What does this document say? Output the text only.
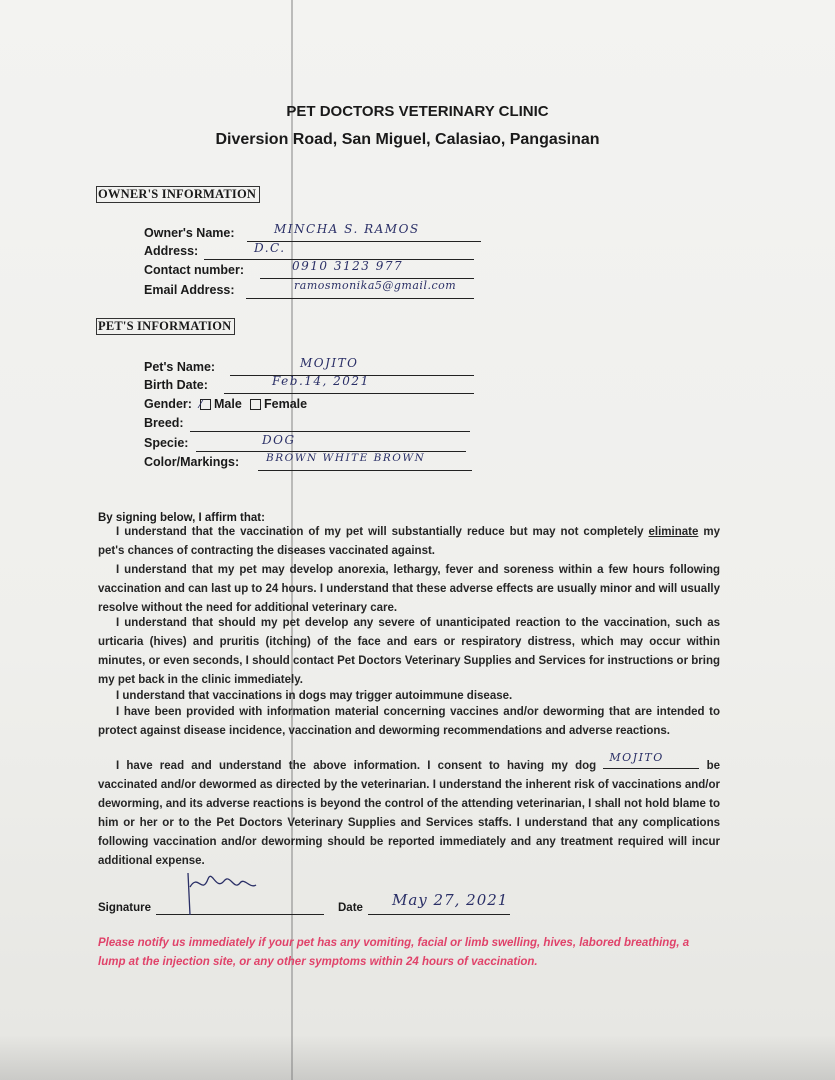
PET DOCTORS VETERINARY CLINIC
Diversion Road, San Miguel, Calasiao, Pangasinan
OWNER'S INFORMATION
Owner's Name:	MINCHA S. RAMOS
Address:	D.C.
Contact number:	0910 3123 977
Email Address:	ramosmonika5@gmail.com
PET'S INFORMATION
Pet's Name:	MOJITO
Birth Date:	Feb.14, 2021
Gender: ⁄ Male Female
Breed:
Specie:	DOG
Color/Markings:	BROWN WHITE BROWN
By signing below, I affirm that:
I understand that the vaccination of my pet will substantially reduce but may not completely eliminate my pet's chances of contracting the diseases vaccinated against.
I understand that my pet may develop anorexia, lethargy, fever and soreness within a few hours following vaccination and can last up to 24 hours. I understand that these adverse effects are usually minor and will usually resolve without the need for additional veterinary care.
I understand that should my pet develop any severe of unanticipated reaction to the vaccination, such as urticaria (hives) and pruritis (itching) of the face and ears or respiratory distress, which may occur within minutes, or even seconds, I should contact Pet Doctors Veterinary Supplies and Services for instructions or bring my pet back in the clinic immediately.
I understand that vaccinations in dogs may trigger autoimmune disease.
I have been provided with information material concerning vaccines and/or deworming that are intended to protect against disease incidence, vaccination and deworming recommendations and adverse reactions.
I have read and understand the above information. I consent to having my dog
MOJITO
be vaccinated and/or dewormed as directed by the veterinarian. I understand the inherent risk of vaccinations and/or deworming, and its adverse reactions is beyond the control of the attending veterinarian, I shall not hold blame to him or her or to the Pet Doctors Veterinary Supplies and Services staffs. I understand that any complications following vaccination and/or deworming should be reported immediately and any treatment required will incur additional expense.
Signature	Date May 27, 2021
Please notify us immediately if your pet has any vomiting, facial or limb swelling, hives, labored breathing, a lump at the injection site, or any other symptoms within 24 hours of vaccination.
